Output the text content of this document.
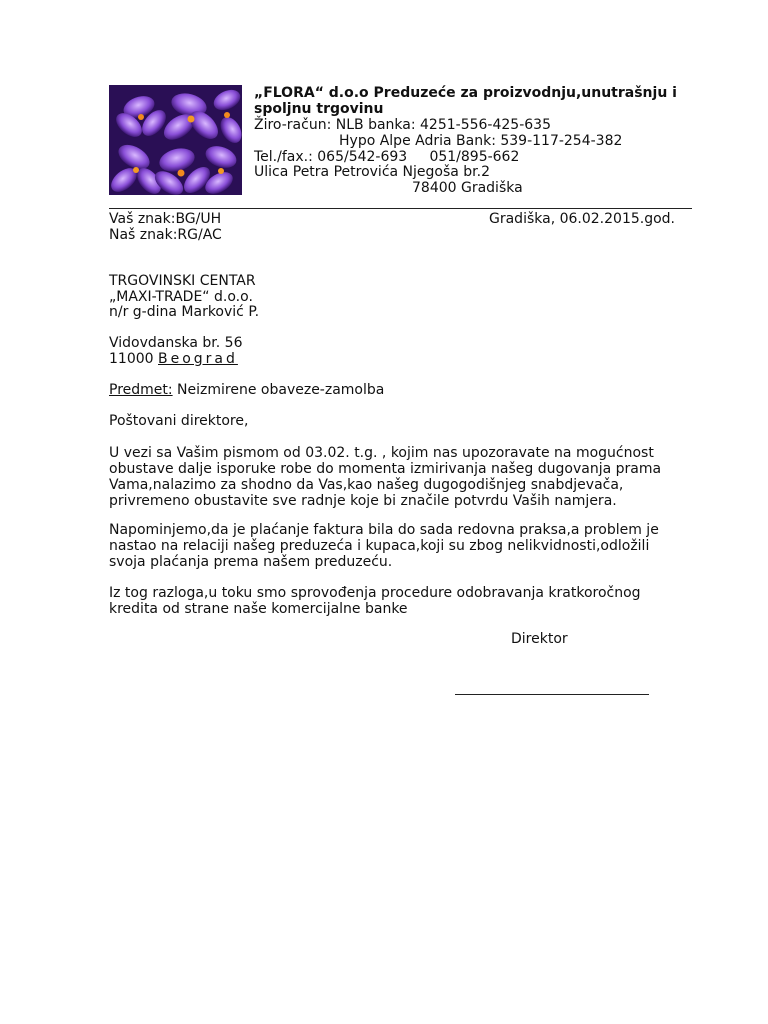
„FLORA“ d.o.o Preduzeće za proizvodnju,unutrašnju i
spoljnu trgovinu
Žiro-račun: NLB banka: 4251-556-425-635
Hypo Alpe Adria Bank: 539-117-254-382
Tel./fax.: 065/542-693     051/895-662
Ulica Petra Petrovića Njegoša br.2
78400 Gradiška
Vaš znak:BG/UH	Gradiška, 06.02.2015.god.
Naš znak:RG/AC
TRGOVINSKI CENTAR
„MAXI-TRADE“ d.o.o.
n/r g-dina Marković P.
Vidovdanska br. 56
11000 Beograd
Predmet: Neizmirene obaveze-zamolba
Poštovani direktore,
U vezi sa Vašim pismom od 03.02. t.g. , kojim nas upozoravate na mogućnost
obustave dalje isporuke robe do momenta izmirivanja našeg dugovanja prama
Vama,nalazimo za shodno da Vas,kao našeg dugogodišnjeg snabdjevača,
privremeno obustavite sve radnje koje bi značile potvrdu Vaših namjera.
Napominjemo,da je plaćanje faktura bila do sada redovna praksa,a problem je
nastao na relaciji našeg preduzeća i kupaca,koji su zbog nelikvidnosti,odložili
svoja plaćanja prema našem preduzeću.
Iz tog razloga,u toku smo sprovođenja procedure odobravanja kratkoročnog
kredita od strane naše komercijalne banke
Direktor
